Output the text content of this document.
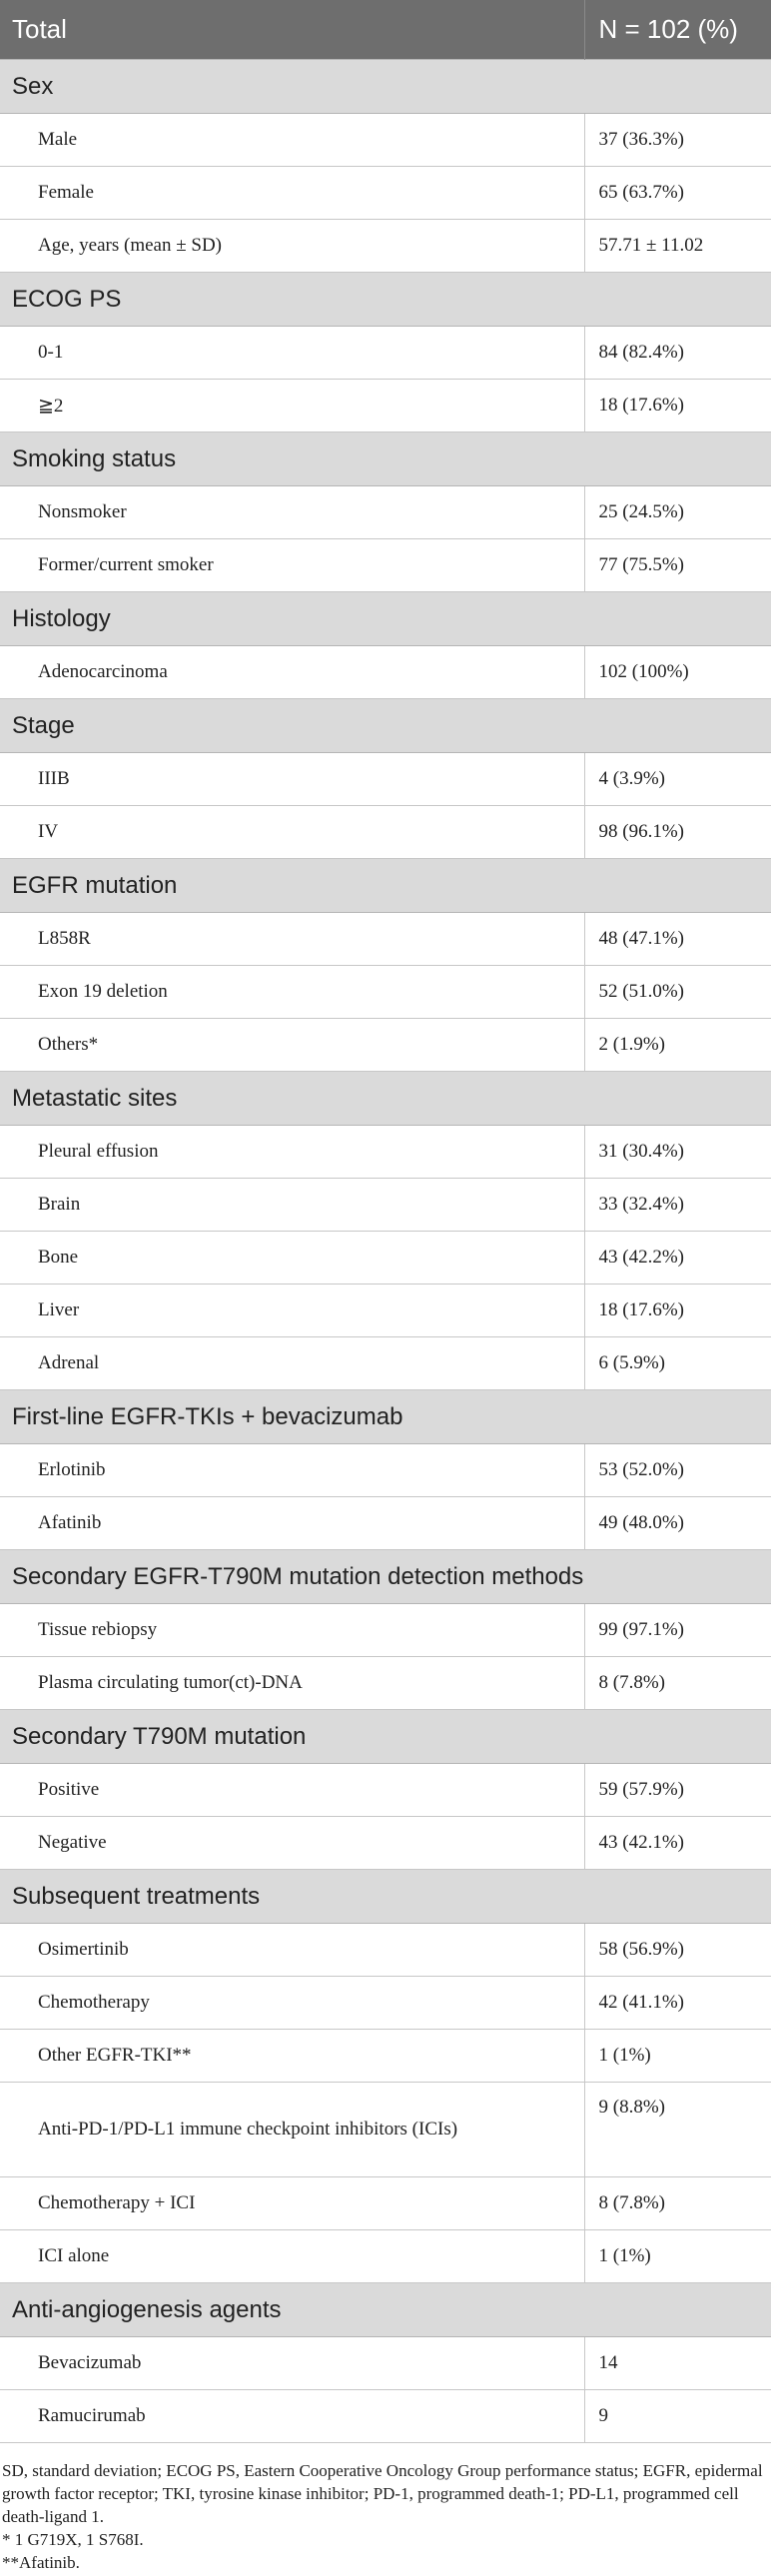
Total	N = 102 (%)
Sex	
Male	37 (36.3%)
Female	65 (63.7%)
Age, years (mean ± SD)	57.71 ± 11.02
ECOG PS	
0-1	84 (82.4%)
≧2	18 (17.6%)
Smoking status	
Nonsmoker	25 (24.5%)
Former/current smoker	77 (75.5%)
Histology	
Adenocarcinoma	102 (100%)
Stage	
IIIB	4 (3.9%)
IV	98 (96.1%)
EGFR mutation	
L858R	48 (47.1%)
Exon 19 deletion	52 (51.0%)
Others*	2 (1.9%)
Metastatic sites	
Pleural effusion	31 (30.4%)
Brain	33 (32.4%)
Bone	43 (42.2%)
Liver	18 (17.6%)
Adrenal	6 (5.9%)
First-line EGFR-TKIs + bevacizumab	
Erlotinib	53 (52.0%)
Afatinib	49 (48.0%)
Secondary EGFR-T790M mutation detection methods	
Tissue rebiopsy	99 (97.1%)
Plasma circulating tumor(ct)-DNA	8 (7.8%)
Secondary T790M mutation	
Positive	59 (57.9%)
Negative	43 (42.1%)
Subsequent treatments	
Osimertinib	58 (56.9%)
Chemotherapy	42 (41.1%)
Other EGFR-TKI**	1 (1%)
Anti-PD-1/PD-L1 immune checkpoint inhibitors (ICIs)	9 (8.8%)
Chemotherapy + ICI	8 (7.8%)
ICI alone	1 (1%)
Anti-angiogenesis agents	
Bevacizumab	14
Ramucirumab	9
SD, standard deviation; ECOG PS, Eastern Cooperative Oncology Group performance status; EGFR, epidermal growth factor receptor; TKI, tyrosine kinase inhibitor; PD-1, programmed death-1; PD-L1, programmed cell death-ligand 1.
* 1 G719X, 1 S768I.
**Afatinib.
